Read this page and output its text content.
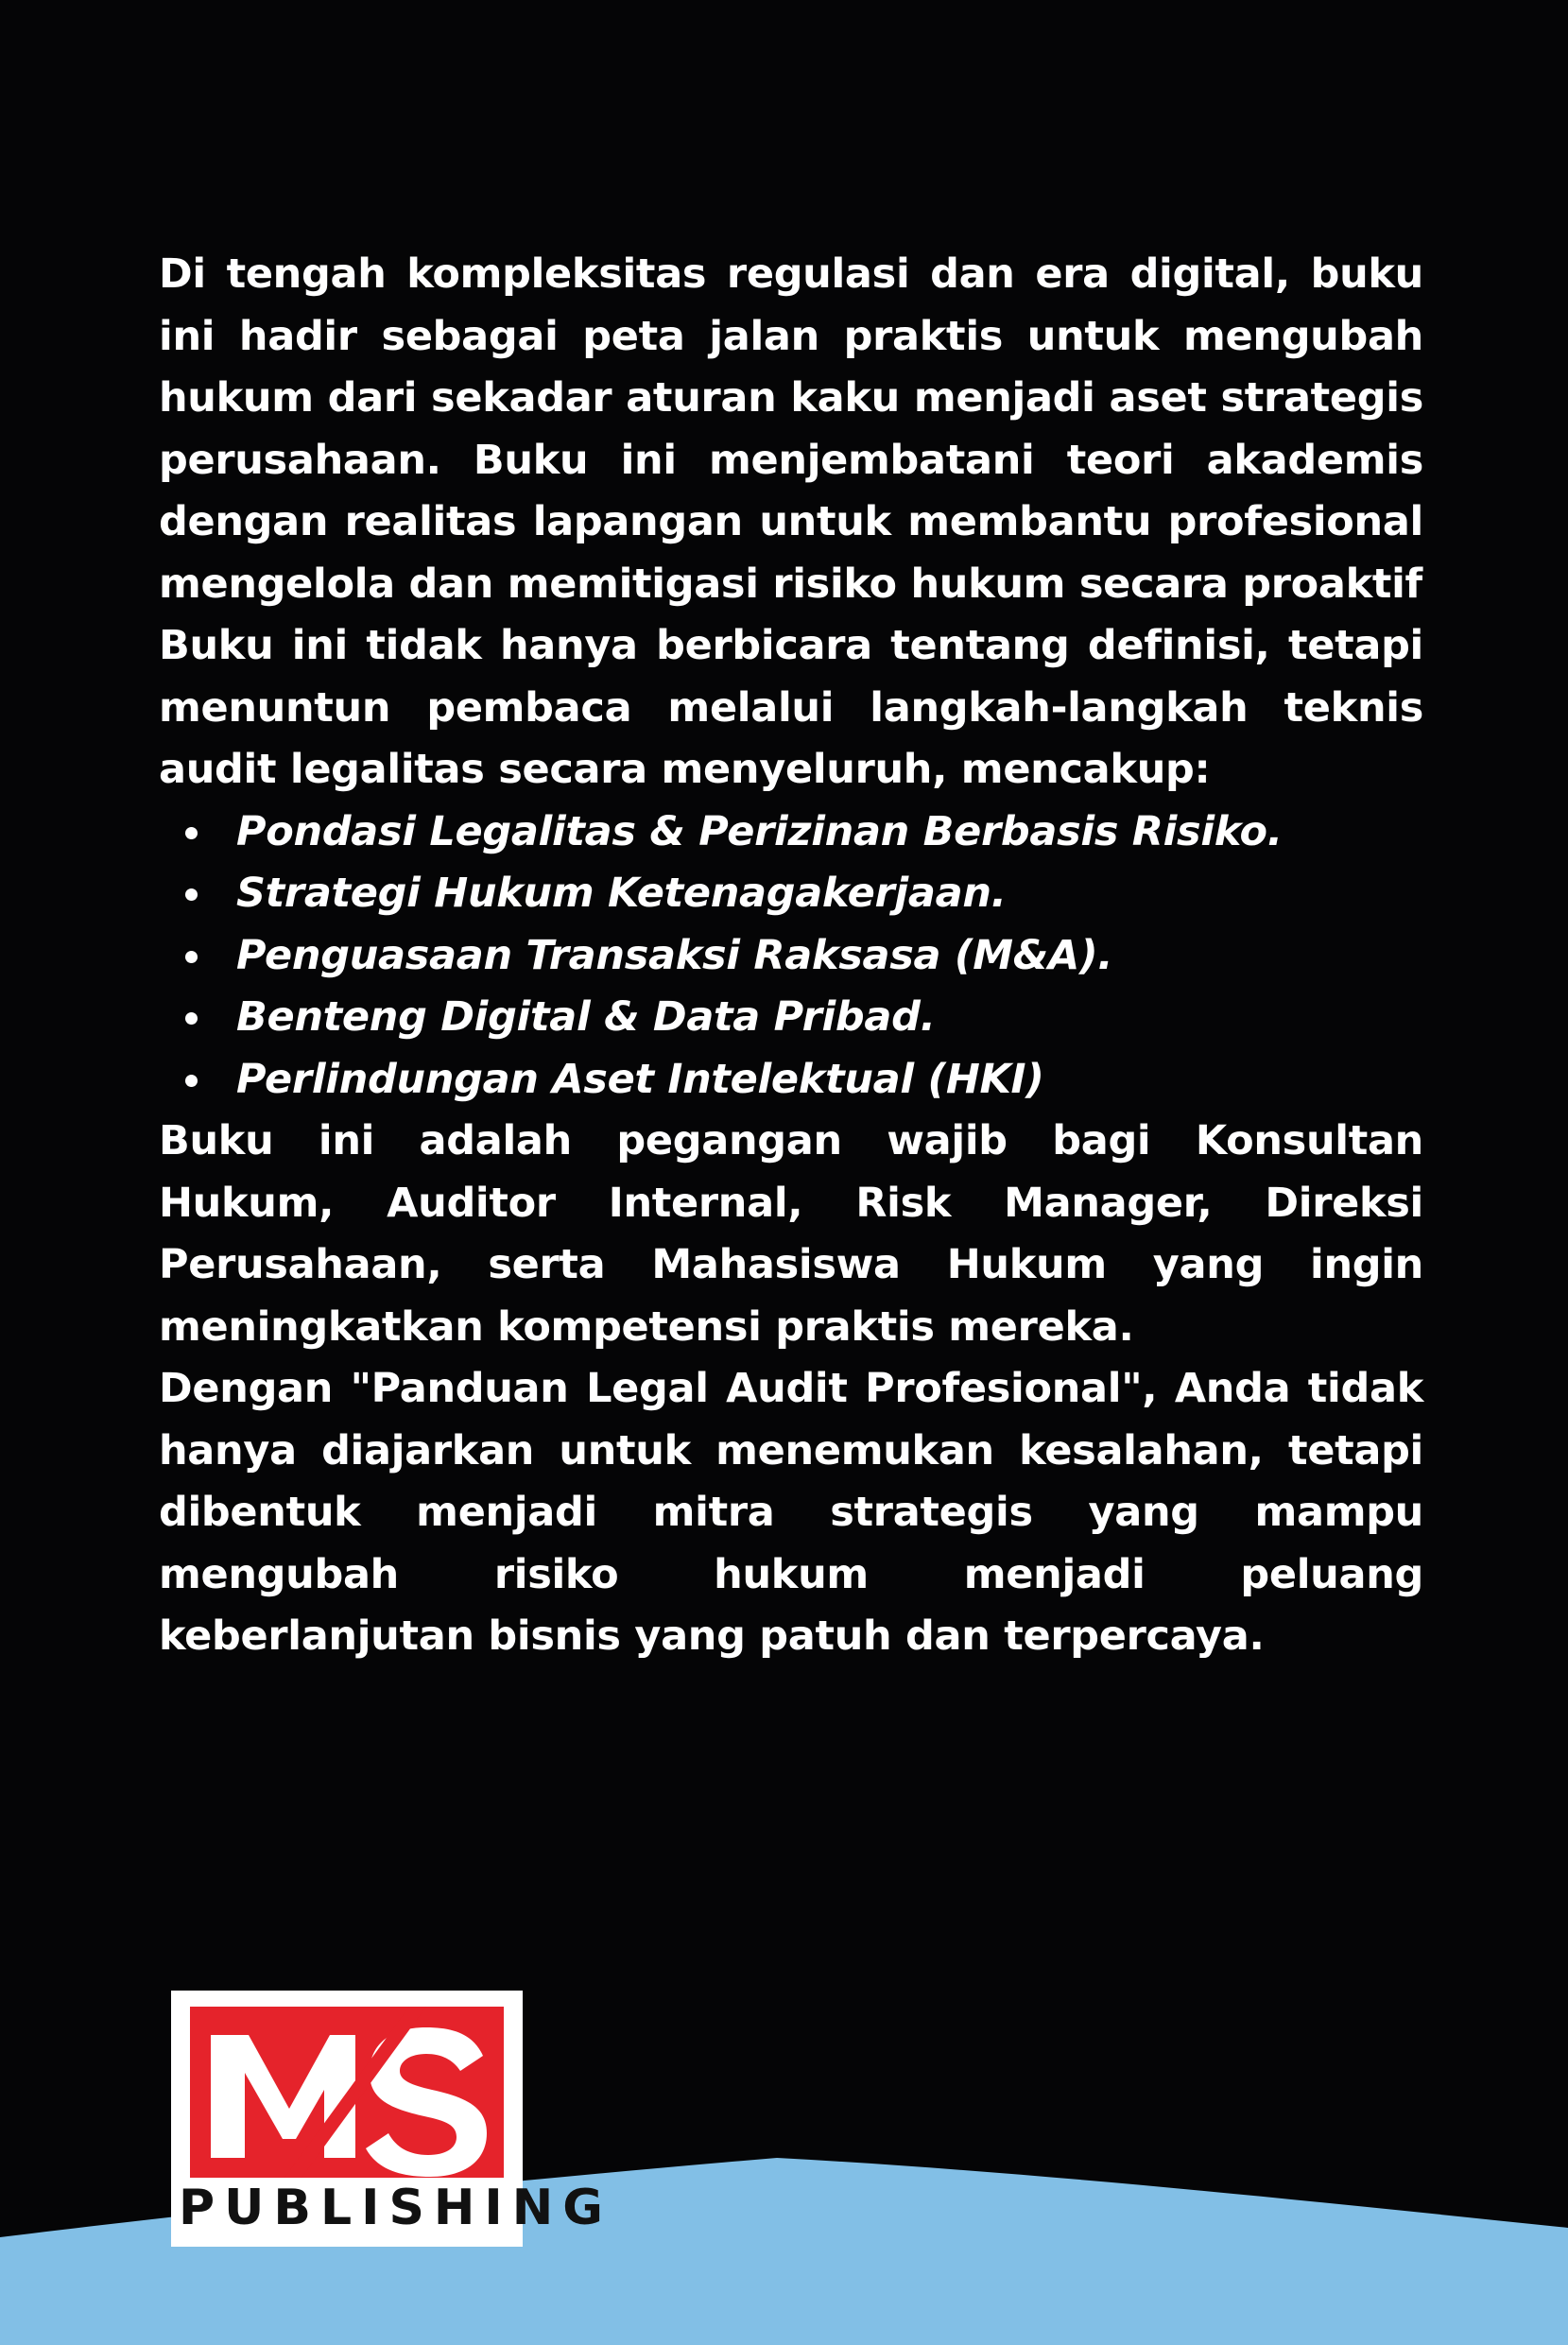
Di tengah kompleksitas regulasi dan era digital, buku ini hadir sebagai peta jalan praktis untuk mengubah hukum dari sekadar aturan kaku menjadi aset strategis perusahaan. Buku ini menjembatani teori akademis dengan realitas lapangan untuk membantu profesional mengelola dan memitigasi risiko hukum secara proaktif

Buku ini tidak hanya berbicara tentang definisi, tetapi menuntun pembaca melalui langkah-langkah teknis audit legalitas secara menyeluruh, mencakup:

Pondasi Legalitas & Perizinan Berbasis Risiko.
Strategi Hukum Ketenagakerjaan.
Penguasaan Transaksi Raksasa (M&A).
Benteng Digital & Data Pribad.
Perlindungan Aset Intelektual (HKI)

Buku ini adalah pegangan wajib bagi Konsultan Hukum, Auditor Internal, Risk Manager, Direksi Perusahaan, serta Mahasiswa Hukum yang ingin meningkatkan kompetensi praktis mereka.

Dengan "Panduan Legal Audit Profesional", Anda tidak hanya diajarkan untuk menemukan kesalahan, tetapi dibentuk menjadi mitra strategis yang mampu mengubah risiko hukum menjadi peluang keberlanjutan bisnis yang patuh dan terpercaya.

PUBLISHING
